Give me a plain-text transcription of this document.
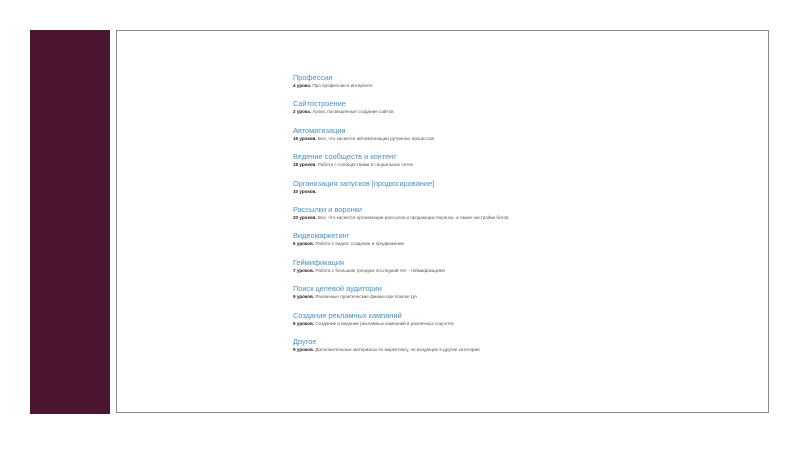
Профессии
4 урока. Про профессии в интернете
Сайтостроение
2 урока. Уроки, посвященные создание сайтов
Автоматизация
16 уроков. Все, что касается автоматизации рутинных процессов
Ведение сообществ и контент
18 уроков. Работа с сообществами в социальных сетях
Организация запусков [продюсирование]
10 уроков.
Рассылки и воронки
20 уроков. Все, что касается организации рассылок и продающих воронок, а также настройки ботов
Видеомаркетинг
6 уроков. Работа с видео: создание и продвижение
Геймификация
7 уроков. Работа с большим трендом последний лет - геймификацией
Поиск целевой аудитории
9 уроков. Различные практические фишки при поиске ЦА
Создание рекламных кампаний
9 уроков. Создание и ведение рекламных кампаний в различных соцсетях
Другое
9 уроков. Дополнительные материалы по маркетингу, не входящие в другие категории
